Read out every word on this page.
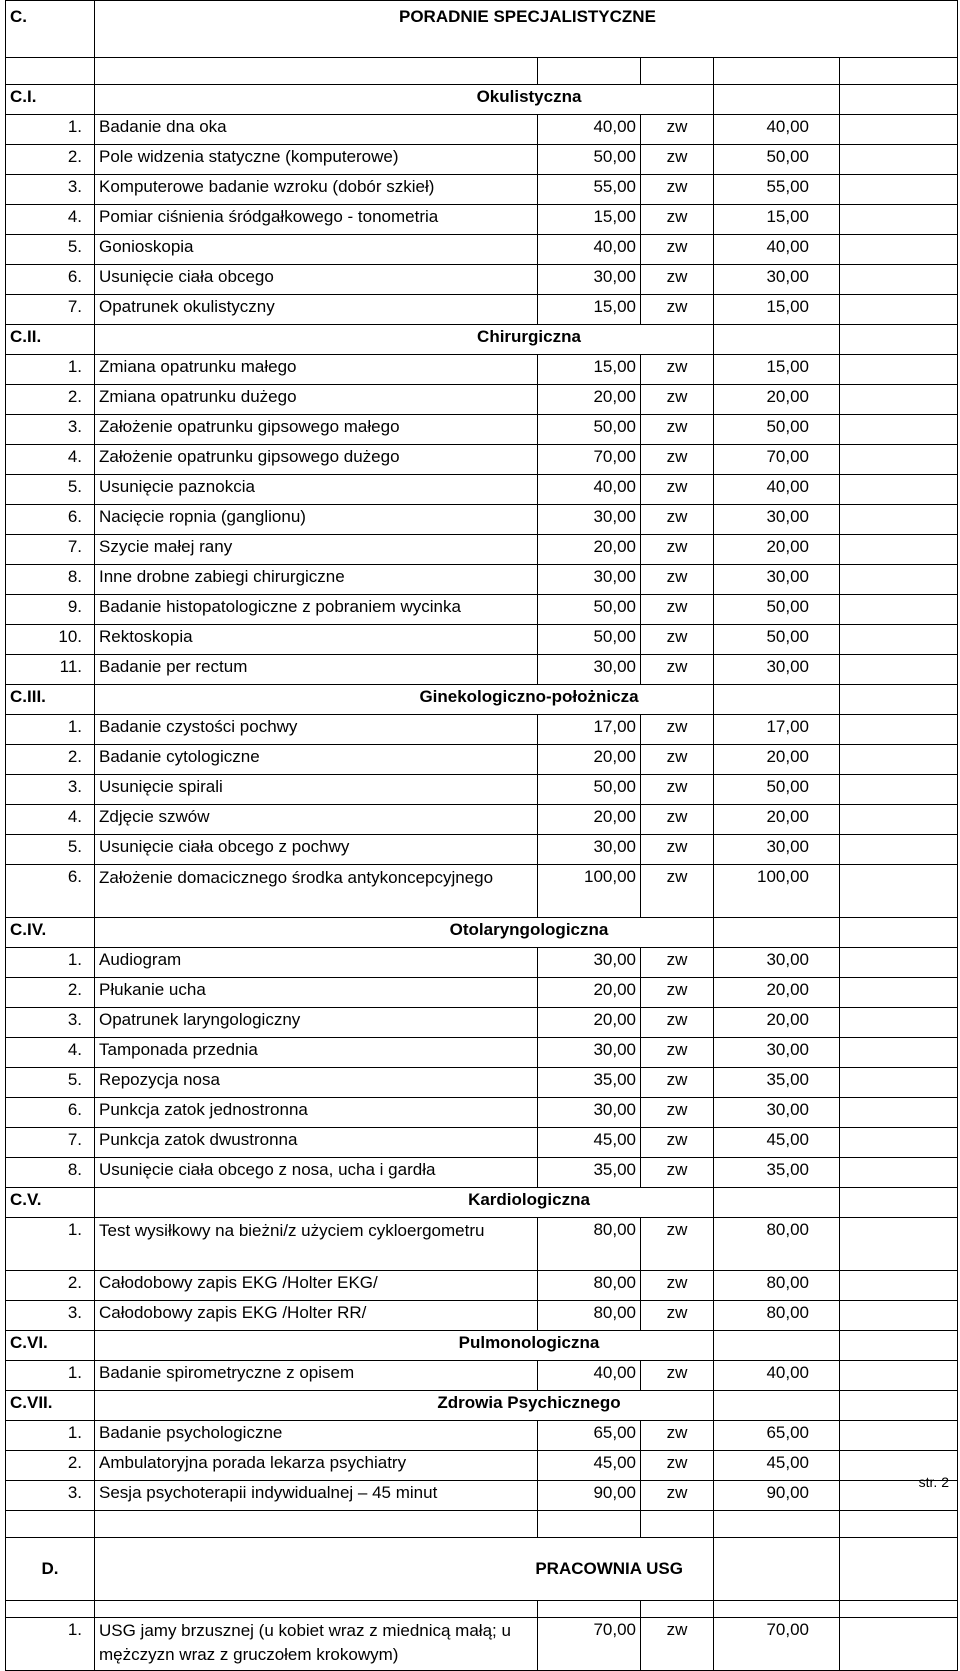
C.	PORADNIE SPECJALISTYCZNE				

C.I.	Okulistyczna				
1.	Badanie dna oka	40,00	zw	40,00	
2.	Pole widzenia statyczne (komputerowe)	50,00	zw	50,00	
3.	Komputerowe badanie wzroku (dobór szkieł)	55,00	zw	55,00	
4.	Pomiar ciśnienia śródgałkowego - tonometria	15,00	zw	15,00	
5.	Gonioskopia	40,00	zw	40,00	
6.	Usunięcie ciała obcego	30,00	zw	30,00	
7.	Opatrunek okulistyczny	15,00	zw	15,00	
C.II.	Chirurgiczna				
1.	Zmiana opatrunku małego	15,00	zw	15,00	
2.	Zmiana opatrunku dużego	20,00	zw	20,00	
3.	Założenie opatrunku gipsowego małego	50,00	zw	50,00	
4.	Założenie opatrunku gipsowego dużego	70,00	zw	70,00	
5.	Usunięcie paznokcia	40,00	zw	40,00	
6.	Nacięcie ropnia (ganglionu)	30,00	zw	30,00	
7.	Szycie małej rany	20,00	zw	20,00	
8.	Inne drobne zabiegi chirurgiczne	30,00	zw	30,00	
9.	Badanie histopatologiczne z pobraniem wycinka	50,00	zw	50,00	
10.	Rektoskopia	50,00	zw	50,00	
11.	Badanie per rectum	30,00	zw	30,00	
C.III.	Ginekologiczno-położnicza				
1.	Badanie czystości pochwy	17,00	zw	17,00	
2.	Badanie cytologiczne	20,00	zw	20,00	
3.	Usunięcie spirali	50,00	zw	50,00	
4.	Zdjęcie szwów	20,00	zw	20,00	
5.	Usunięcie ciała obcego z pochwy	30,00	zw	30,00	
6.	Założenie domacicznego środka antykoncepcyjnego	100,00	zw	100,00	
C.IV.	Otolaryngologiczna				
1.	Audiogram	30,00	zw	30,00	
2.	Płukanie ucha	20,00	zw	20,00	
3.	Opatrunek laryngologiczny	20,00	zw	20,00	
4.	Tamponada przednia	30,00	zw	30,00	
5.	Repozycja nosa	35,00	zw	35,00	
6.	Punkcja zatok jednostronna	30,00	zw	30,00	
7.	Punkcja zatok dwustronna	45,00	zw	45,00	
8.	Usunięcie ciała obcego z nosa, ucha i gardła	35,00	zw	35,00	
C.V.	Kardiologiczna				
1.	Test wysiłkowy na bieżni/z użyciem cykloergometru	80,00	zw	80,00	
2.	Całodobowy zapis EKG /Holter EKG/	80,00	zw	80,00	
3.	Całodobowy zapis EKG /Holter RR/	80,00	zw	80,00	
C.VI.	Pulmonologiczna				
1.	Badanie spirometryczne z opisem	40,00	zw	40,00	
C.VII.	Zdrowia Psychicznego				
1.	Badanie psychologiczne	65,00	zw	65,00	
2.	Ambulatoryjna porada lekarza psychiatry	45,00	zw	45,00	
3.	Sesja psychoterapii indywidualnej – 45 minut	90,00	zw	90,00	

D.	PRACOWNIA USG				

1.	USG jamy brzusznej (u kobiet wraz z miednicą małą; u mężczyzn wraz z gruczołem krokowym)	70,00	zw	70,00	
str. 2
